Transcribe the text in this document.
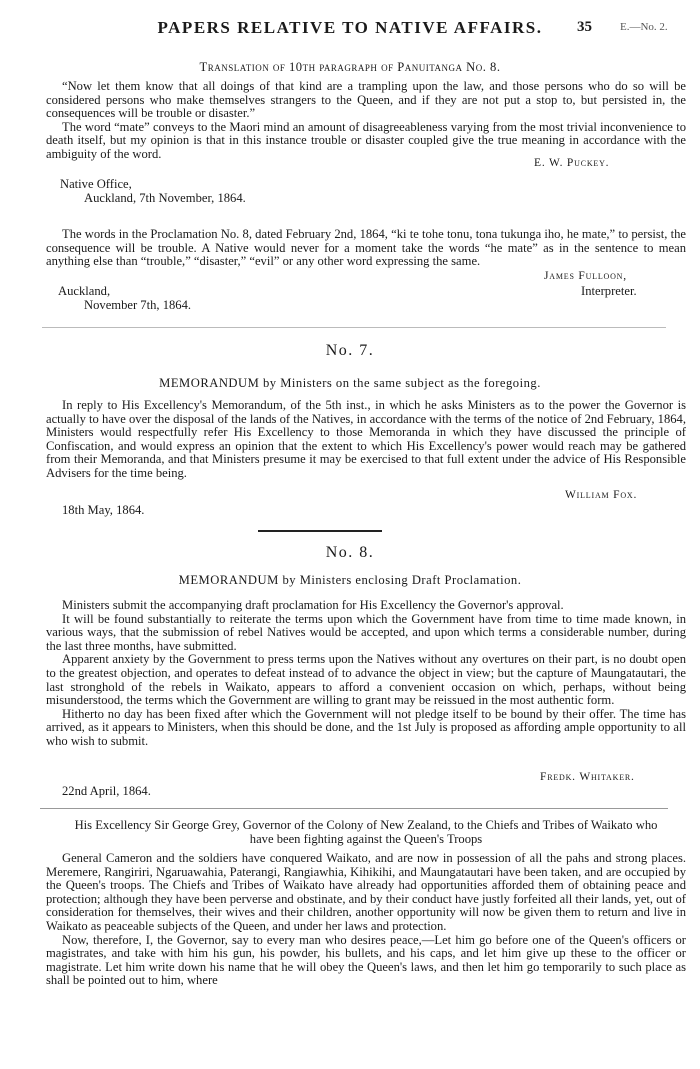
PAPERS RELATIVE TO NATIVE AFFAIRS.	35	E.—No. 2.
Translation of 10th paragraph of Panuitanga No. 8.

“Now let them know that all doings of that kind are a trampling upon the law, and those persons who do so will be considered persons who make themselves strangers to the Queen, and if they are not put a stop to, but persisted in, the consequences will be trouble or disaster.”

The word “mate” conveys to the Maori mind an amount of disagreeableness varying from the most trivial inconvenience to death itself, but my opinion is that in this instance trouble or disaster coupled give the true meaning in accordance with the ambiguity of the word.

E. W. Puckey.
Native Office,
Auckland, 7th November, 1864.

The words in the Proclamation No. 8, dated February 2nd, 1864, “ki te tohe tonu, tona tukunga iho, he mate,” to persist, the consequence will be trouble. A Native would never for a moment take the words “he mate” as in the sentence to mean anything else than “trouble,” “disaster,” “evil” or any other word expressing the same.

James Fulloon,
Auckland,	Interpreter.
November 7th, 1864.
No. 7.
MEMORANDUM by Ministers on the same subject as the foregoing.

In reply to His Excellency's Memorandum, of the 5th inst., in which he asks Ministers as to the power the Governor is actually to have over the disposal of the lands of the Natives, in accordance with the terms of the notice of 2nd February, 1864, Ministers would respectfully refer His Excellency to those Memoranda in which they have discussed the principle of Confiscation, and would express an opinion that the extent to which His Excellency's power would reach may be gathered from their Memoranda, and that Ministers presume it may be exercised to that full extent under the advice of His Responsible Advisers for the time being.

William Fox.
18th May, 1864.
No. 8.
MEMORANDUM by Ministers enclosing Draft Proclamation.

Ministers submit the accompanying draft proclamation for His Excellency the Governor's approval.

It will be found substantially to reiterate the terms upon which the Government have from time to time made known, in various ways, that the submission of rebel Natives would be accepted, and upon which terms a considerable number, during the last three months, have submitted.

Apparent anxiety by the Government to press terms upon the Natives without any overtures on their part, is no doubt open to the greatest objection, and operates to defeat instead of to advance the object in view; but the capture of Maungatautari, the last stronghold of the rebels in Waikato, appears to afford a convenient occasion on which, perhaps, without being misunderstood, the terms which the Government are willing to grant may be reissued in the most authentic form.

Hitherto no day has been fixed after which the Government will not pledge itself to be bound by their offer. The time has arrived, as it appears to Ministers, when this should be done, and the 1st July is proposed as affording ample opportunity to all who wish to submit.

Fredk. Whitaker.
22nd April, 1864.
His Excellency Sir George Grey, Governor of the Colony of New Zealand, to the Chiefs and Tribes of Waikato who have been fighting against the Queen's Troops

General Cameron and the soldiers have conquered Waikato, and are now in possession of all the pahs and strong places. Meremere, Rangiriri, Ngaruawahia, Paterangi, Rangiawhia, Kihikihi, and Maungatautari have been taken, and are occupied by the Queen's troops. The Chiefs and Tribes of Waikato have already had opportunities afforded them of obtaining peace and protection; although they have been perverse and obstinate, and by their conduct have justly forfeited all their lands, yet, out of consideration for themselves, their wives and their children, another opportunity will now be given them to return and live in Waikato as peaceable subjects of the Queen, and under her laws and protection.

Now, therefore, I, the Governor, say to every man who desires peace,—Let him go before one of the Queen's officers or magistrates, and take with him his gun, his powder, his bullets, and his caps, and let him give up these to the officer or magistrate. Let him write down his name that he will obey the Queen's laws, and then let him go temporarily to such place as shall be pointed out to him, where
